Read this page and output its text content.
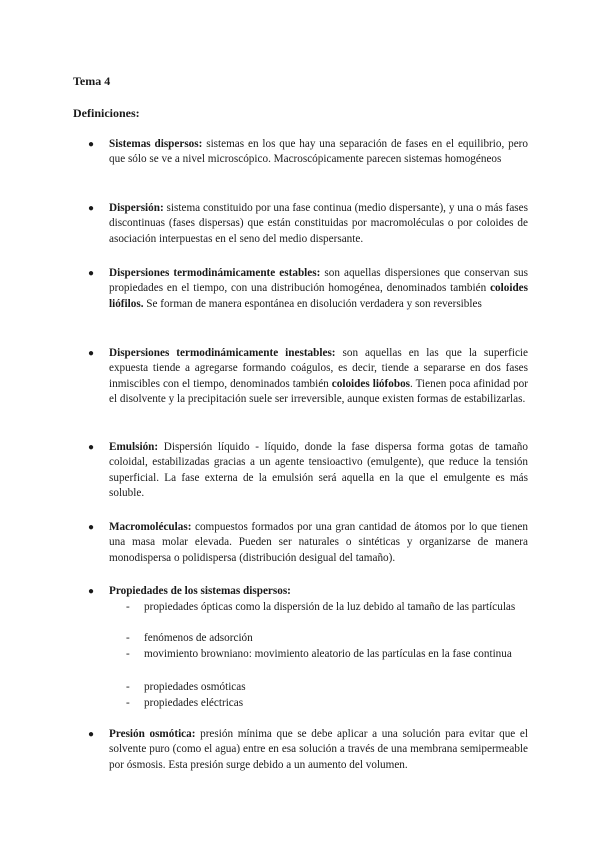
Tema 4
Definiciones:
● Sistemas dispersos: sistemas en los que hay una separación de fases en el equilibrio, pero que sólo se ve a nivel microscópico. Macroscópicamente parecen sistemas homogéneos
● Dispersión: sistema constituido por una fase continua (medio dispersante), y una o más fases discontinuas (fases dispersas) que están constituidas por macromoléculas o por coloides de asociación interpuestas en el seno del medio dispersante.
● Dispersiones termodinámicamente estables: son aquellas dispersiones que conservan sus propiedades en el tiempo, con una distribución homogénea, denominados también coloides liófilos. Se forman de manera espontánea en disolución verdadera y son reversibles
● Dispersiones termodinámicamente inestables: son aquellas en las que la superficie expuesta tiende a agregarse formando coágulos, es decir, tiende a separarse en dos fases inmiscibles con el tiempo, denominados también coloides liófobos. Tienen poca afinidad por el disolvente y la precipitación suele ser irreversible, aunque existen formas de estabilizarlas.
● Emulsión: Dispersión líquido - líquido, donde la fase dispersa forma gotas de tamaño coloidal, estabilizadas gracias a un agente tensioactivo (emulgente), que reduce la tensión superficial. La fase externa de la emulsión será aquella en la que el emulgente es más soluble.
● Macromoléculas: compuestos formados por una gran cantidad de átomos por lo que tienen una masa molar elevada. Pueden ser naturales o sintéticas y organizarse de manera monodispersa o polidispersa (distribución desigual del tamaño).
● Propiedades de los sistemas dispersos:
- propiedades ópticas como la dispersión de la luz debido al tamaño de las partículas
- fenómenos de adsorción
- movimiento browniano: movimiento aleatorio de las partículas en la fase continua
- propiedades osmóticas
- propiedades eléctricas
● Presión osmótica: presión mínima que se debe aplicar a una solución para evitar que el solvente puro (como el agua) entre en esa solución a través de una membrana semipermeable por ósmosis. Esta presión surge debido a un aumento del volumen.
